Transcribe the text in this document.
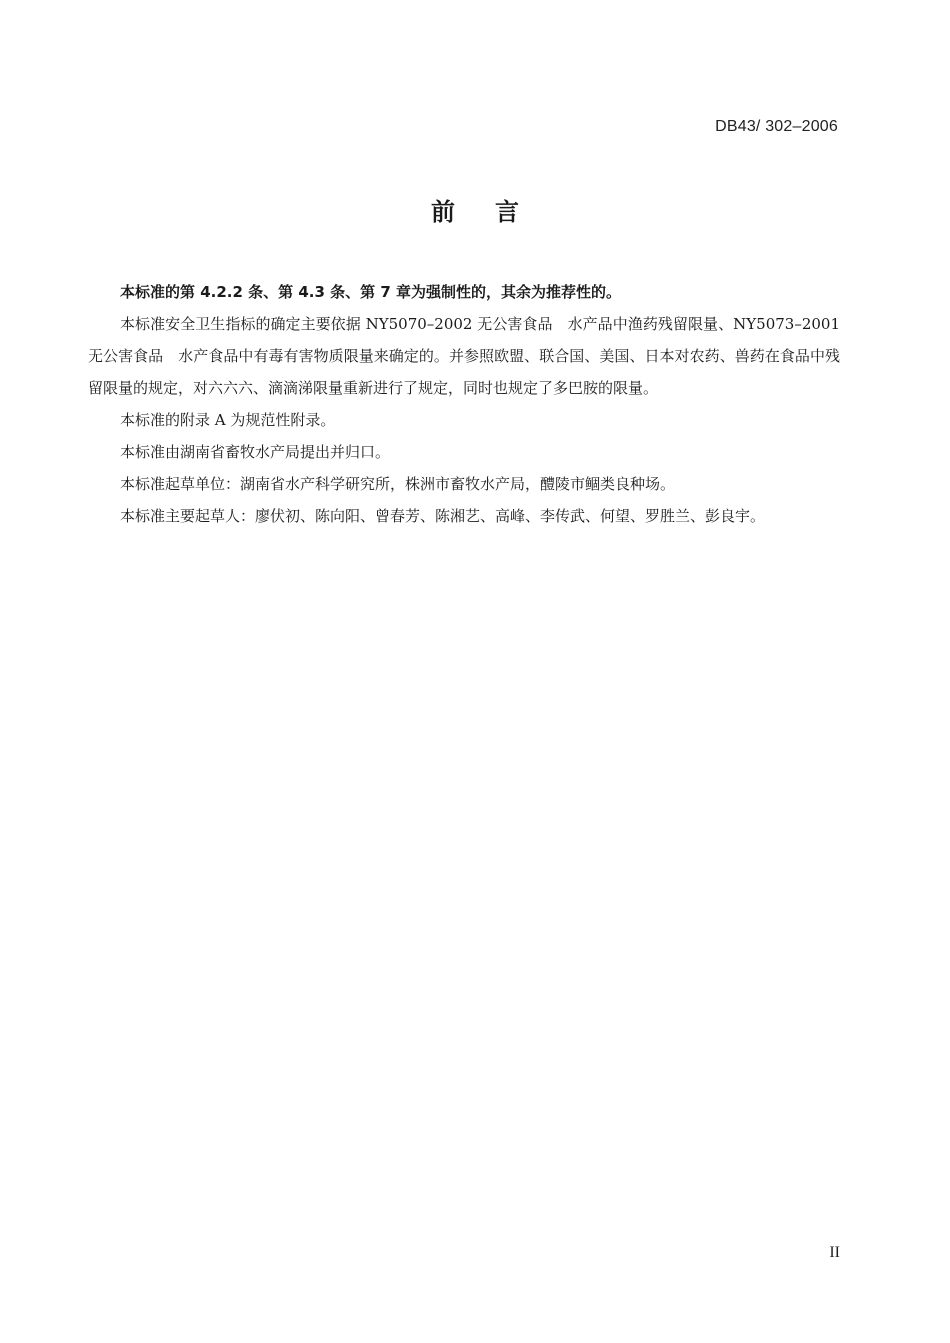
DB43/ 302–2006
前言

本标准的第 4.2.2 条、第 4.3 条、第 7 章为强制性的，其余为推荐性的。

本标准安全卫生指标的确定主要依据 NY5070–2002 无公害食品　水产品中渔药残留限量、NY5073–2001 无公害食品　水产食品中有毒有害物质限量来确定的。并参照欧盟、联合国、美国、日本对农药、兽药在食品中残留限量的规定，对六六六、滴滴涕限量重新进行了规定，同时也规定了多巴胺的限量。

本标准的附录 A 为规范性附录。

本标准由湖南省畜牧水产局提出并归口。

本标准起草单位：湖南省水产科学研究所，株洲市畜牧水产局，醴陵市鲴类良种场。

本标准主要起草人：廖伏初、陈向阳、曾春芳、陈湘艺、高峰、李传武、何望、罗胜兰、彭良宇。

II
